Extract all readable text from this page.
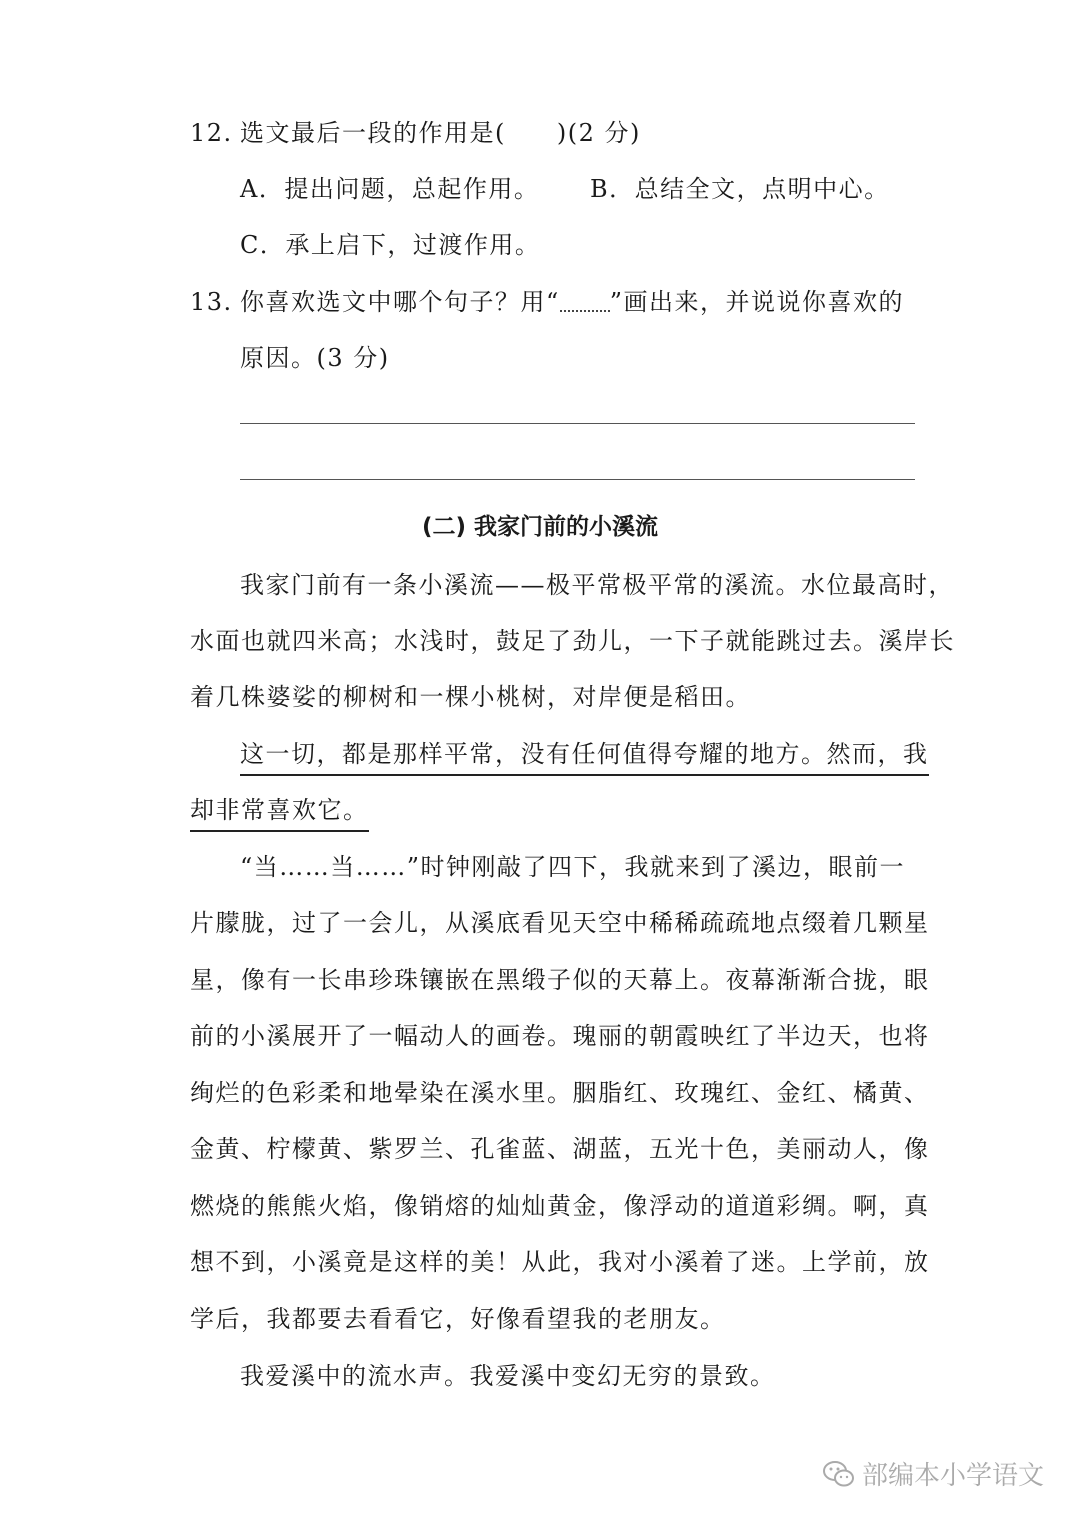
12. 选文最后一段的作用是(　　)(2 分)
A．提出问题，总起作用。 B．总结全文，点明中心。
C．承上启下，过渡作用。
13. 你喜欢选文中哪个句子？用“ ”画出来，并说说你喜欢的
原因。(3 分)
(二) 我家门前的小溪流
我家门前有一条小溪流——极平常极平常的溪流。水位最高时，
水面也就四米高；水浅时，鼓足了劲儿，一下子就能跳过去。溪岸长
着几株婆娑的柳树和一棵小桃树，对岸便是稻田。
这一切，都是那样平常，没有任何值得夸耀的地方。然而，我
却非常喜欢它。
“当……当……”时钟刚敲了四下，我就来到了溪边，眼前一
片朦胧，过了一会儿，从溪底看见天空中稀稀疏疏地点缀着几颗星
星，像有一长串珍珠镶嵌在黑缎子似的天幕上。夜幕渐渐合拢，眼
前的小溪展开了一幅动人的画卷。瑰丽的朝霞映红了半边天，也将
绚烂的色彩柔和地晕染在溪水里。胭脂红、玫瑰红、金红、橘黄、
金黄、柠檬黄、紫罗兰、孔雀蓝、湖蓝，五光十色，美丽动人，像
燃烧的熊熊火焰，像销熔的灿灿黄金，像浮动的道道彩绸。啊，真
想不到，小溪竟是这样的美！从此，我对小溪着了迷。上学前，放
学后，我都要去看看它，好像看望我的老朋友。
我爱溪中的流水声。我爱溪中变幻无穷的景致。
部编本小学语文
